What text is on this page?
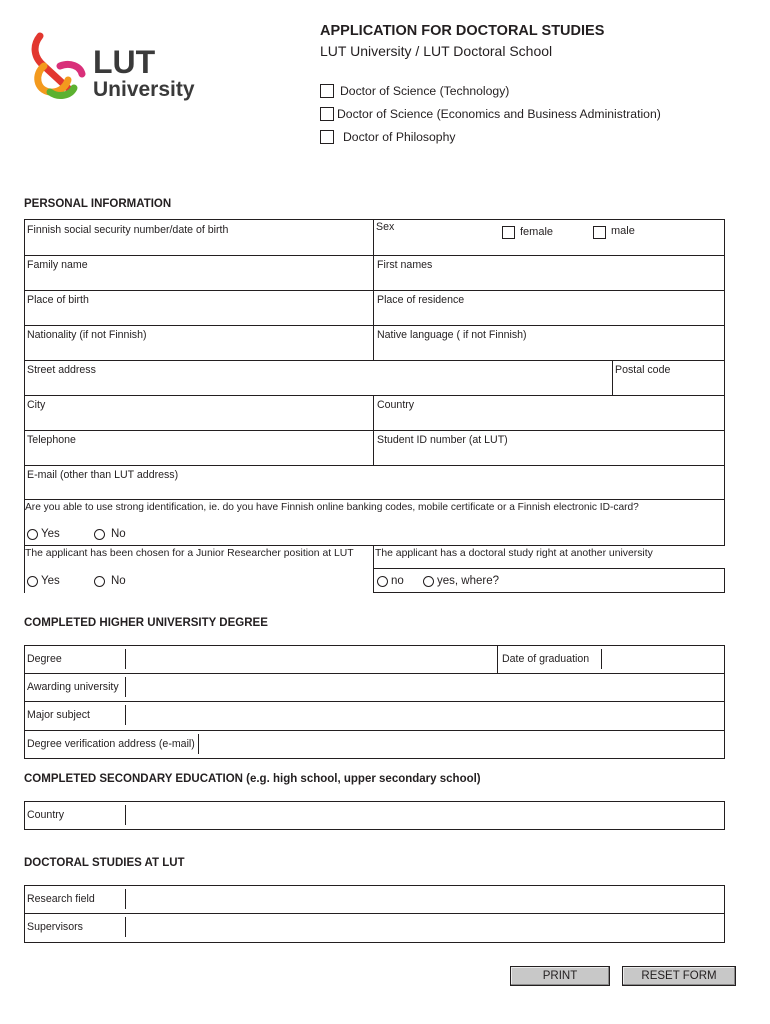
LUT
University
APPLICATION FOR DOCTORAL STUDIES
LUT University / LUT Doctoral School
Doctor of Science (Technology)
Doctor of Science (Economics and Business Administration)
Doctor of Philosophy
PERSONAL INFORMATION
Finnish social security number/date of birth	Sex	female	male
Family name	First names
Place of birth	Place of residence
Nationality (if not Finnish)	Native language ( if not Finnish)
Street address	Postal code
City	Country
Telephone	Student ID number (at LUT)
E-mail (other than LUT address)
Are you able to use strong identification, ie. do you have Finnish online banking codes, mobile certificate or a Finnish electronic ID-card?
Yes	No
The applicant has been chosen for a Junior Researcher position at LUT
Yes	No
The applicant has a doctoral study right at another university
no	yes, where?
COMPLETED HIGHER UNIVERSITY DEGREE
Degree	Date of graduation
Awarding university
Major subject
Degree verification address (e-mail)
COMPLETED SECONDARY EDUCATION (e.g. high school, upper secondary school)
Country
DOCTORAL STUDIES AT LUT
Research field
Supervisors
PRINT	RESET FORM
